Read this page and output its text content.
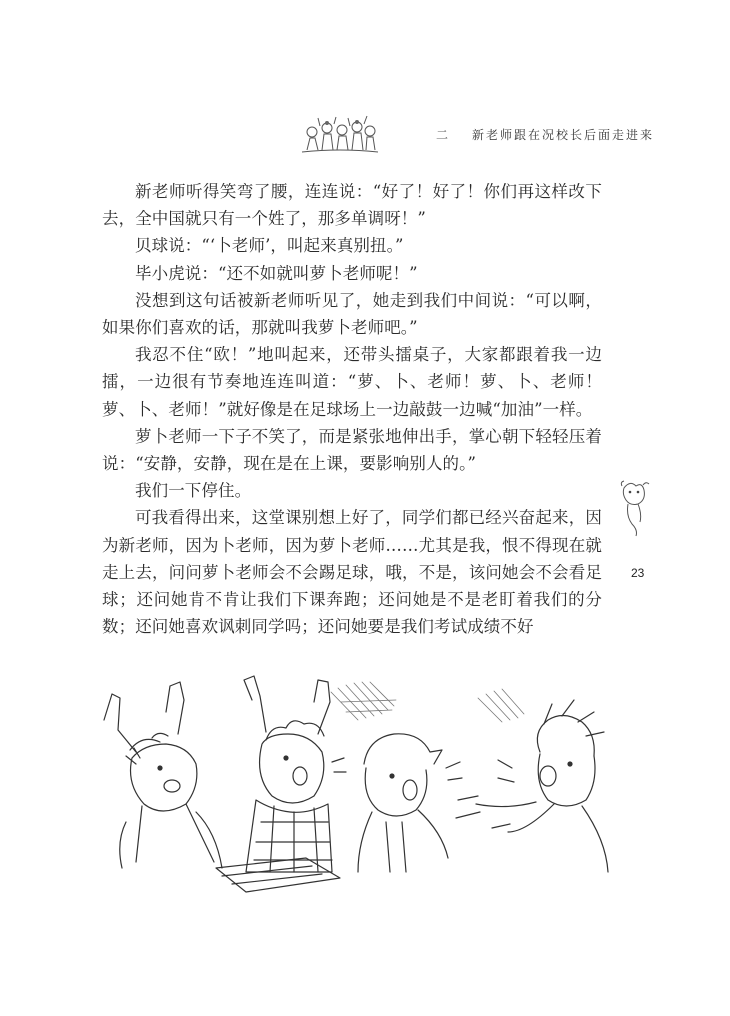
二 新老师跟在况校长后面走进来

新老师听得笑弯了腰，连连说：“好了！好了！你们再这样改下去，全中国就只有一个姓了，那多单调呀！”

贝球说：“‘卜老师’，叫起来真别扭。”

毕小虎说：“还不如就叫萝卜老师呢！”

没想到这句话被新老师听见了，她走到我们中间说：“可以啊，如果你们喜欢的话，那就叫我萝卜老师吧。”

我忍不住“欧！”地叫起来，还带头擂桌子，大家都跟着我一边擂，一边很有节奏地连连叫道：“萝、卜、老师！萝、卜、老师！萝、卜、老师！”就好像是在足球场上一边敲鼓一边喊“加油”一样。

萝卜老师一下子不笑了，而是紧张地伸出手，掌心朝下轻轻压着说：“安静，安静，现在是在上课，要影响别人的。”

我们一下停住。

可我看得出来，这堂课别想上好了，同学们都已经兴奋起来，因为新老师，因为卜老师，因为萝卜老师……尤其是我，恨不得现在就走上去，问问萝卜老师会不会踢足球，哦，不是，该问她会不会看足球；还问她肯不肯让我们下课奔跑；还问她是不是老盯着我们的分数；还问她喜欢讽刺同学吗；还问她要是我们考试成绩不好

23
